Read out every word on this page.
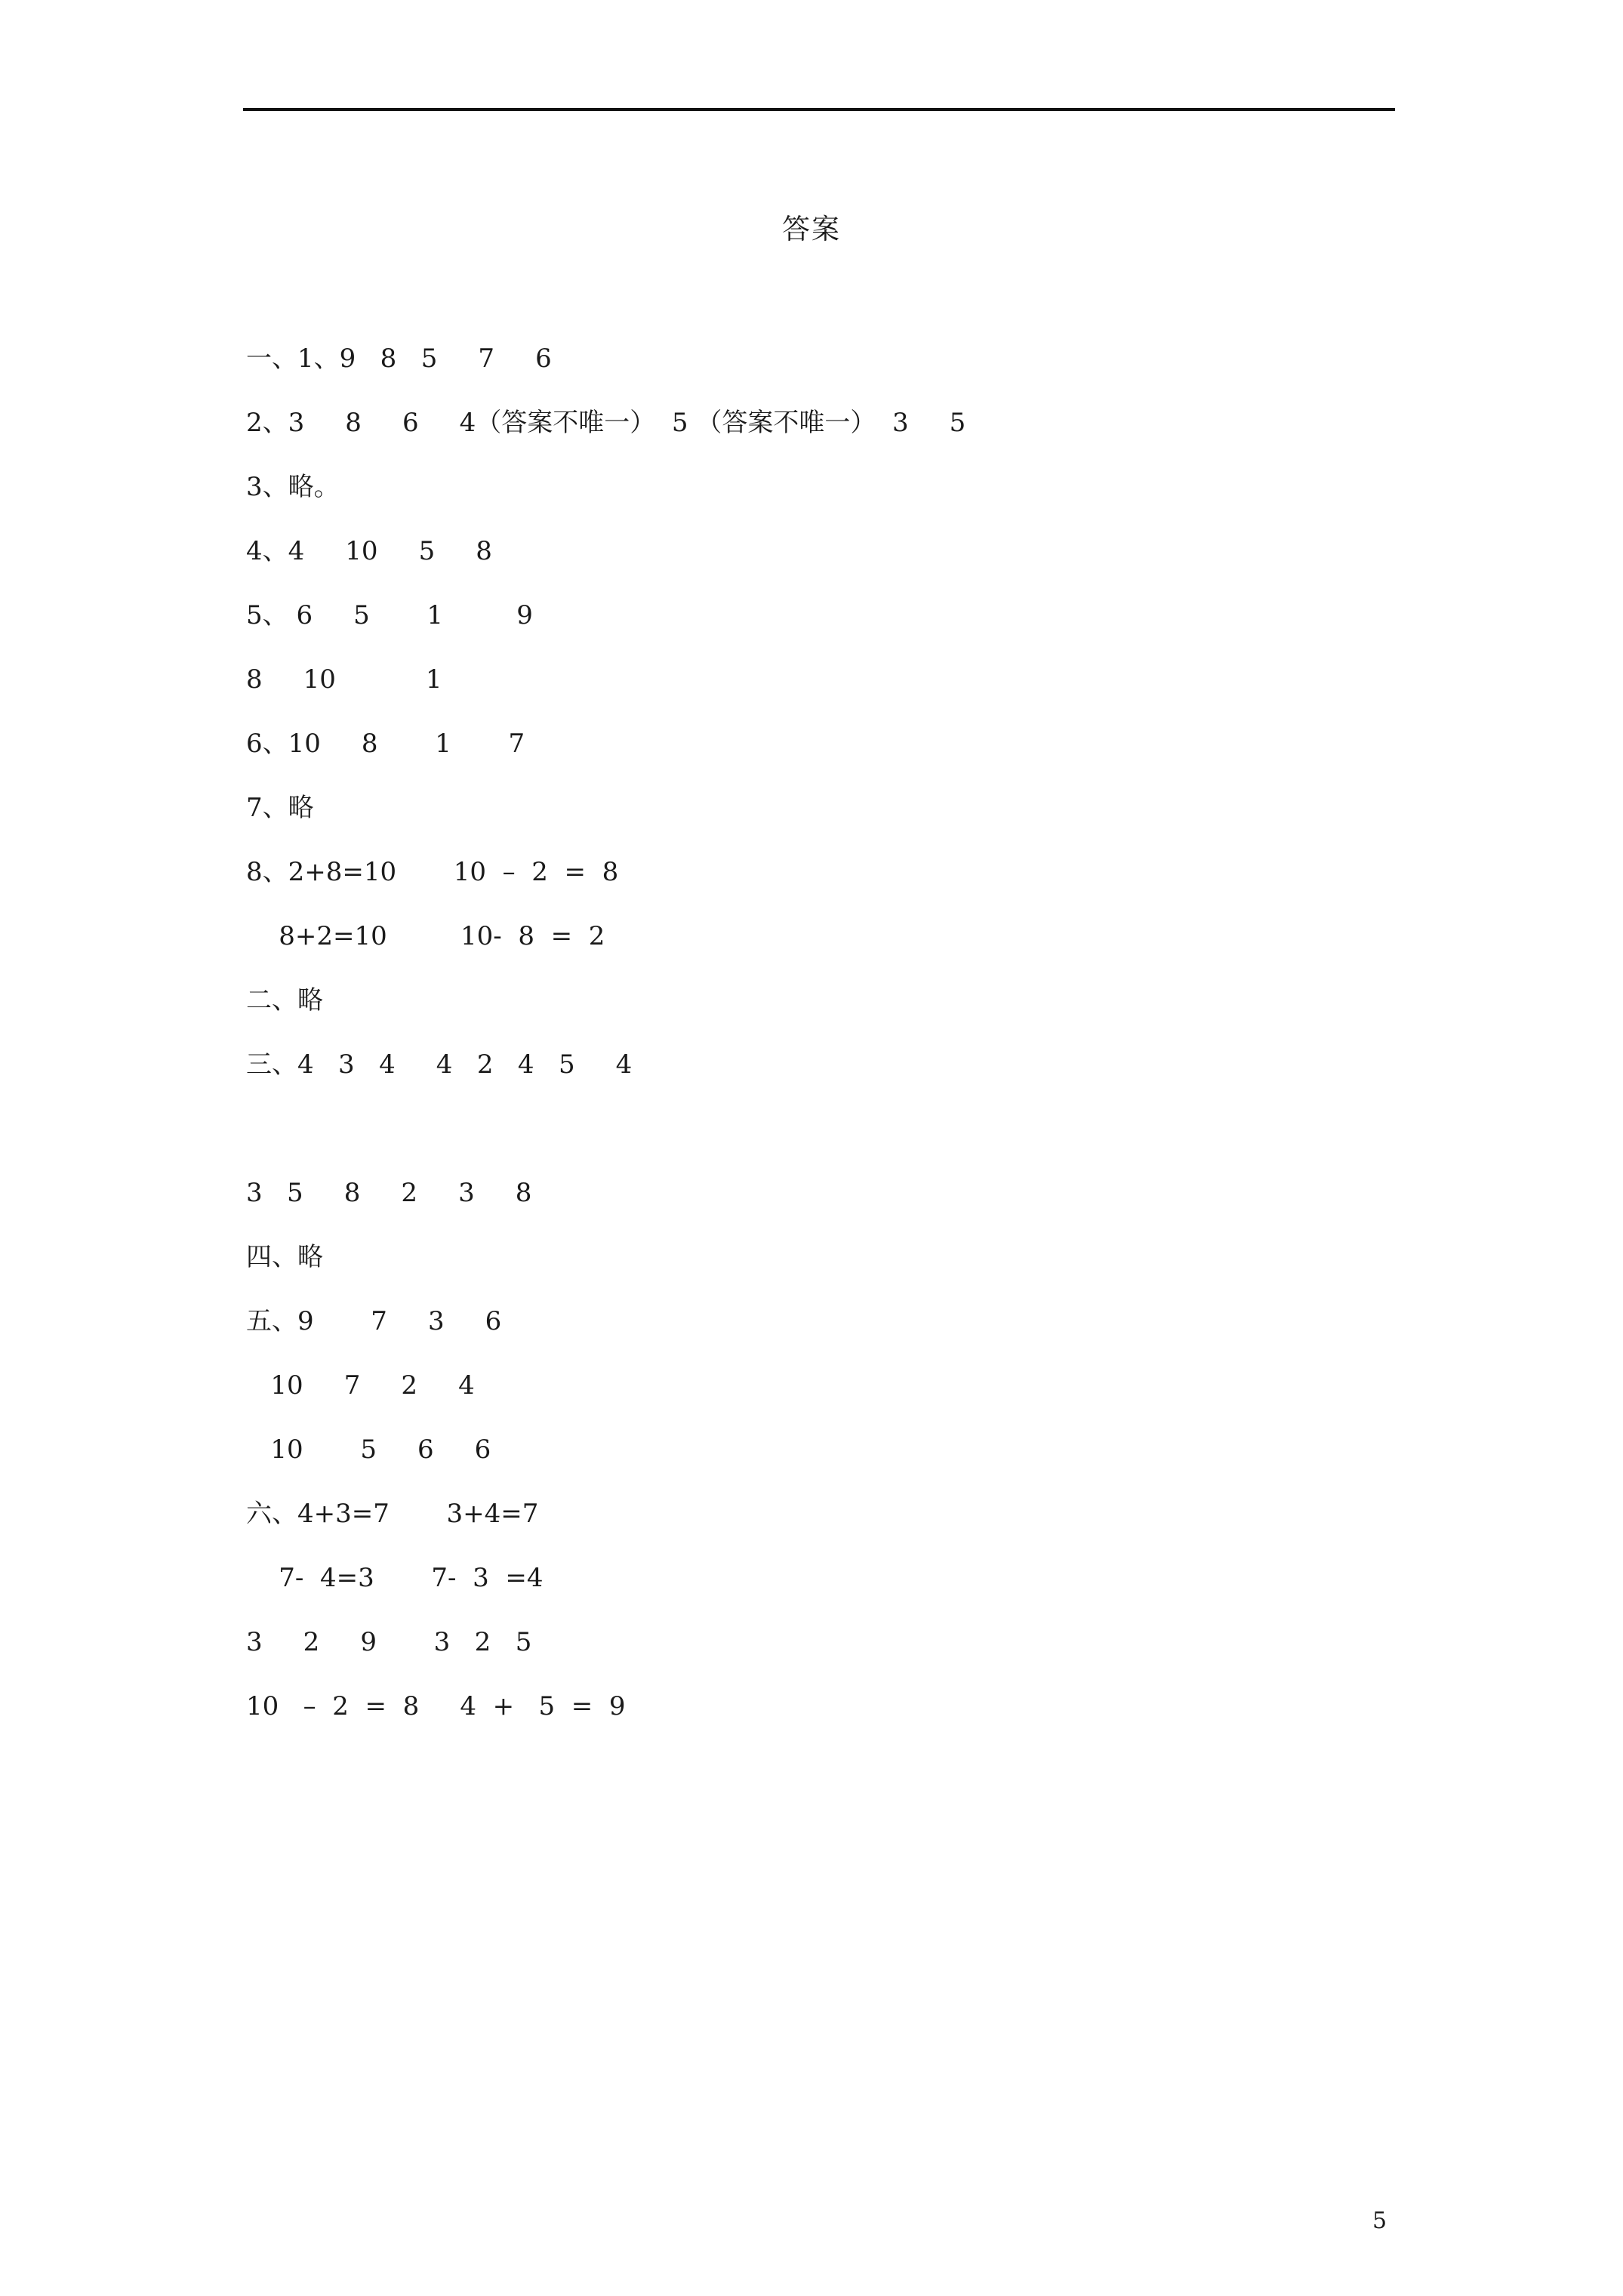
答案
一、1、9   8   5     7     6
2、3     8     6     4（答案不唯一）  5 （答案不唯一）  3     5
3、略。
4、4     10     5     8
5、 6     5       1         9
8     10           1
6、10     8       1       7
7、略
8、2+8=10       10  –  2  =  8
8+2=10         10-  8  =  2
二、略
三、4   3   4     4   2   4   5     4
3   5     8     2     3     8
四、略
五、9       7     3     6
10     7     2     4
10       5     6     6
六、4+3=7       3+4=7
7-  4=3       7-  3  =4
3     2     9       3   2   5
10   –  2  =  8     4  +   5  =  9
5
